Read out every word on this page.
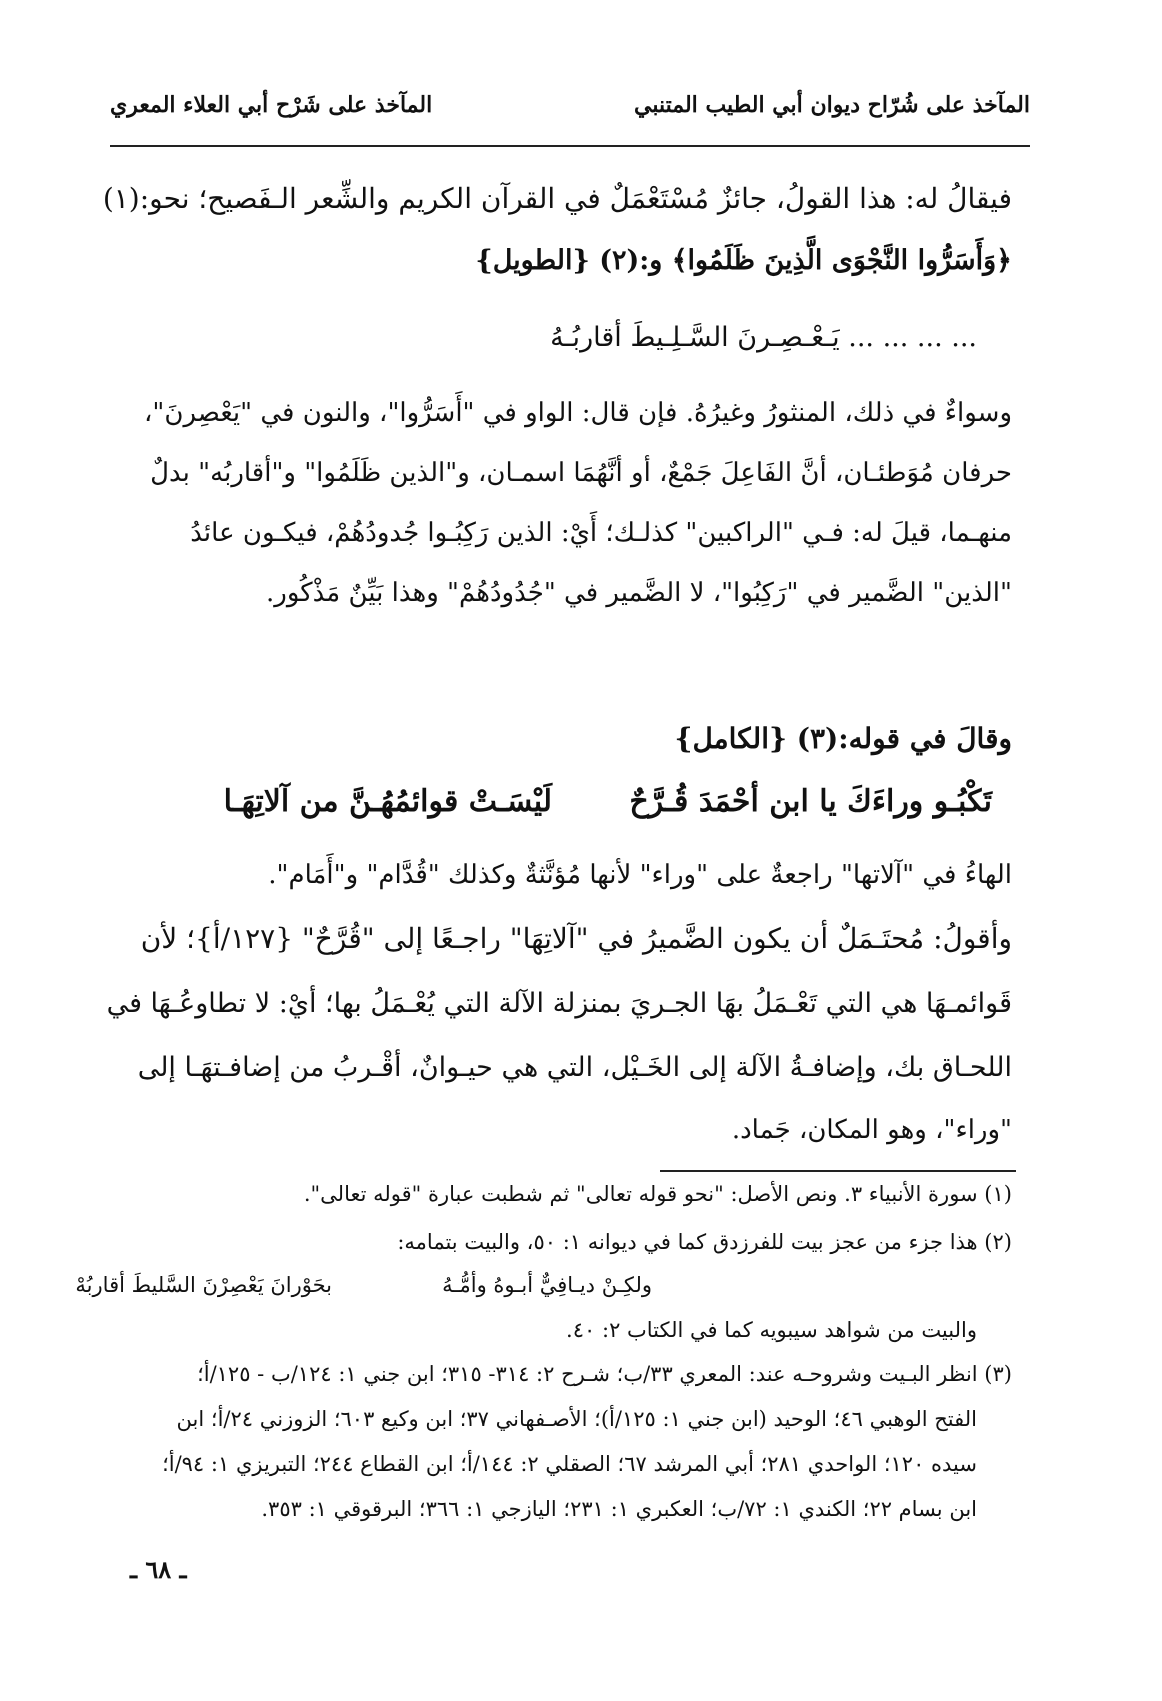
المآخذ على شُرّاح ديوان أبي الطيب المتنبي
المآخذ على شَرْح أبي العلاء المعري
فيقالُ له: هذا القولُ، جائزٌ مُسْتَعْمَلٌ في القرآن الكريم والشِّعر الـفَصيح؛ نحو:(١)
﴿وَأَسَرُّوا النَّجْوَى الَّذِينَ ظَلَمُوا﴾ و:(٢) {الطويل}
... ... ... ... يَـعْـصِـرنَ السَّـلِـيطَ أقاربُـهُ
وسواءٌ في ذلك، المنثورُ وغيرُهُ. فإن قال: الواو في "أَسَرُّوا"، والنون في "يَعْصِرنَ"،
حرفان مُوَطئـان، أنَّ الفَاعِلَ جَمْعٌ، أو أنَّهُمَا اسمـان، و"الذين ظَلَمُوا" و"أقاربُه" بدلٌ
منهـما، قيلَ له: فـي "الراكبين" كذلـك؛ أَيْ: الذين رَكِبُـوا جُدودُهُمْ، فيكـون عائدُ
"الذين" الضَّمير في "رَكِبُوا"، لا الضَّمير في "جُدُودُهُمْ" وهذا بَيِّنٌ مَذْكُور.
وقالَ في قوله:(٣) {الكامل}
تَكْبُـو وراءَكَ يا ابن أحْمَدَ قُـرَّحٌ
لَيْسَـتْ قوائمُهُـنَّ من آلاتِهَـا
الهاءُ في "آلاتها" راجعةٌ على "وراء" لأنها مُؤنَّثةٌ وكذلك "قُدَّام" و"أَمَام".
وأقولُ: مُحتَـمَلٌ أن يكون الضَّميرُ في "آلاتِهَا" راجـعًا إلى "قُرَّحٌ" {١٢٧/أ}؛ لأن
قَوائمـهَا هي التي تَعْـمَلُ بهَا الجـريَ بمنزلة الآلة التي يُعْـمَلُ بها؛ أيْ: لا تطاوعُـهَا في
اللحـاق بك، وإضافـةُ الآلة إلى الخَـيْل، التي هي حيـوانٌ، أقْـربُ من إضافـتهَـا إلى
"وراء"، وهو المكان، جَماد.
(١) سورة الأنبياء ٣. ونص الأصل: "نحو قوله تعالى" ثم شطبت عبارة "قوله تعالى".
(٢) هذا جزء من عجز بيت للفرزدق كما في ديوانه ١: ٥٠، والبيت بتمامه:
ولكِـنْ ديـافِيٌّ أبـوهُ وأمُّـهُ
بحَوْرانَ يَعْصِرْنَ السَّليطَ أقاربُهْ
والبيت من شواهد سيبويه كما في الكتاب ٢: ٤٠.
(٣) انظر البـيت وشروحـه عند: المعري ٣٣/ب؛ شـرح ٢: ٣١٤- ٣١٥؛ ابن جني ١: ١٢٤/ب - ١٢٥/أ؛
الفتح الوهبي ٤٦؛ الوحيد (ابن جني ١: ١٢٥/أ)؛ الأصـفهاني ٣٧؛ ابن وكيع ٦٠٣؛ الزوزني ٢٤/أ؛ ابن
سيده ١٢٠؛ الواحدي ٢٨١؛ أبي المرشد ٦٧؛ الصقلي ٢: ١٤٤/أ؛ ابن القطاع ٢٤٤؛ التبريزي ١: ٩٤/أ؛
ابن بسام ٢٢؛ الكندي ١: ٧٢/ب؛ العكبري ١: ٢٣١؛ اليازجي ١: ٣٦٦؛ البرقوقي ١: ٣٥٣.
ـ ٦٨ ـ
